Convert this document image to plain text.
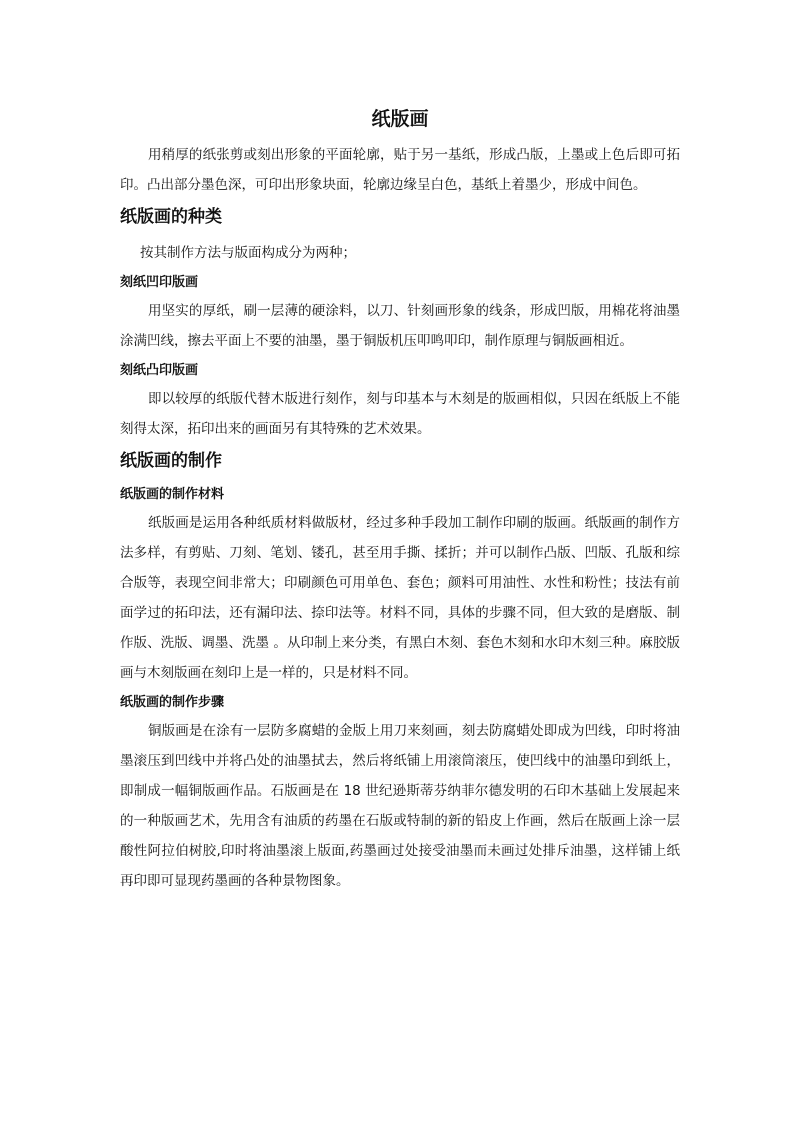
纸版画

用稍厚的纸张剪或刻出形象的平面轮廓，贴于另一基纸，形成凸版，上墨或上色后即可拓印。凸出部分墨色深，可印出形象块面，轮廓边缘呈白色，基纸上着墨少，形成中间色。

纸版画的种类

按其制作方法与版面构成分为两种；

刻纸凹印版画

用坚实的厚纸，刷一层薄的硬涂料，以刀、针刻画形象的线条，形成凹版，用棉花将油墨涂满凹线，擦去平面上不要的油墨，墨于铜版机压叩鸣叩印，制作原理与铜版画相近。

刻纸凸印版画

即以较厚的纸版代替木版进行刻作，刻与印基本与木刻是的版画相似，只因在纸版上不能刻得太深，拓印出来的画面另有其特殊的艺术效果。

纸版画的制作
纸版画的制作材料

纸版画是运用各种纸质材料做版材，经过多种手段加工制作印刷的版画。纸版画的制作方法多样，有剪贴、刀刻、笔划、镂孔，甚至用手撕、揉折；并可以制作凸版、凹版、孔版和综合版等，表现空间非常大；印刷颜色可用单色、套色；颜料可用油性、水性和粉性；技法有前面学过的拓印法，还有漏印法、捺印法等。材料不同，具体的步骤不同，但大致的是磨版、制作版、洗版、调墨、洗墨 。从印制上来分类，有黑白木刻、套色木刻和水印木刻三种。麻胶版画与木刻版画在刻印上是一样的，只是材料不同。

纸版画的制作步骤

铜版画是在涂有一层防多腐蜡的金版上用刀来刻画，刻去防腐蜡处即成为凹线，印时将油墨滚压到凹线中并将凸处的油墨拭去，然后将纸铺上用滚筒滚压，使凹线中的油墨印到纸上，即制成一幅铜版画作品。石版画是在 18 世纪逊斯蒂芬纳菲尔德发明的石印木基础上发展起来的一种版画艺术，先用含有油质的药墨在石版或特制的新的铅皮上作画，然后在版画上涂一层酸性阿拉伯树胶,印时将油墨滚上版面,药墨画过处接受油墨而未画过处排斥油墨，这样铺上纸再印即可显现药墨画的各种景物图象。
